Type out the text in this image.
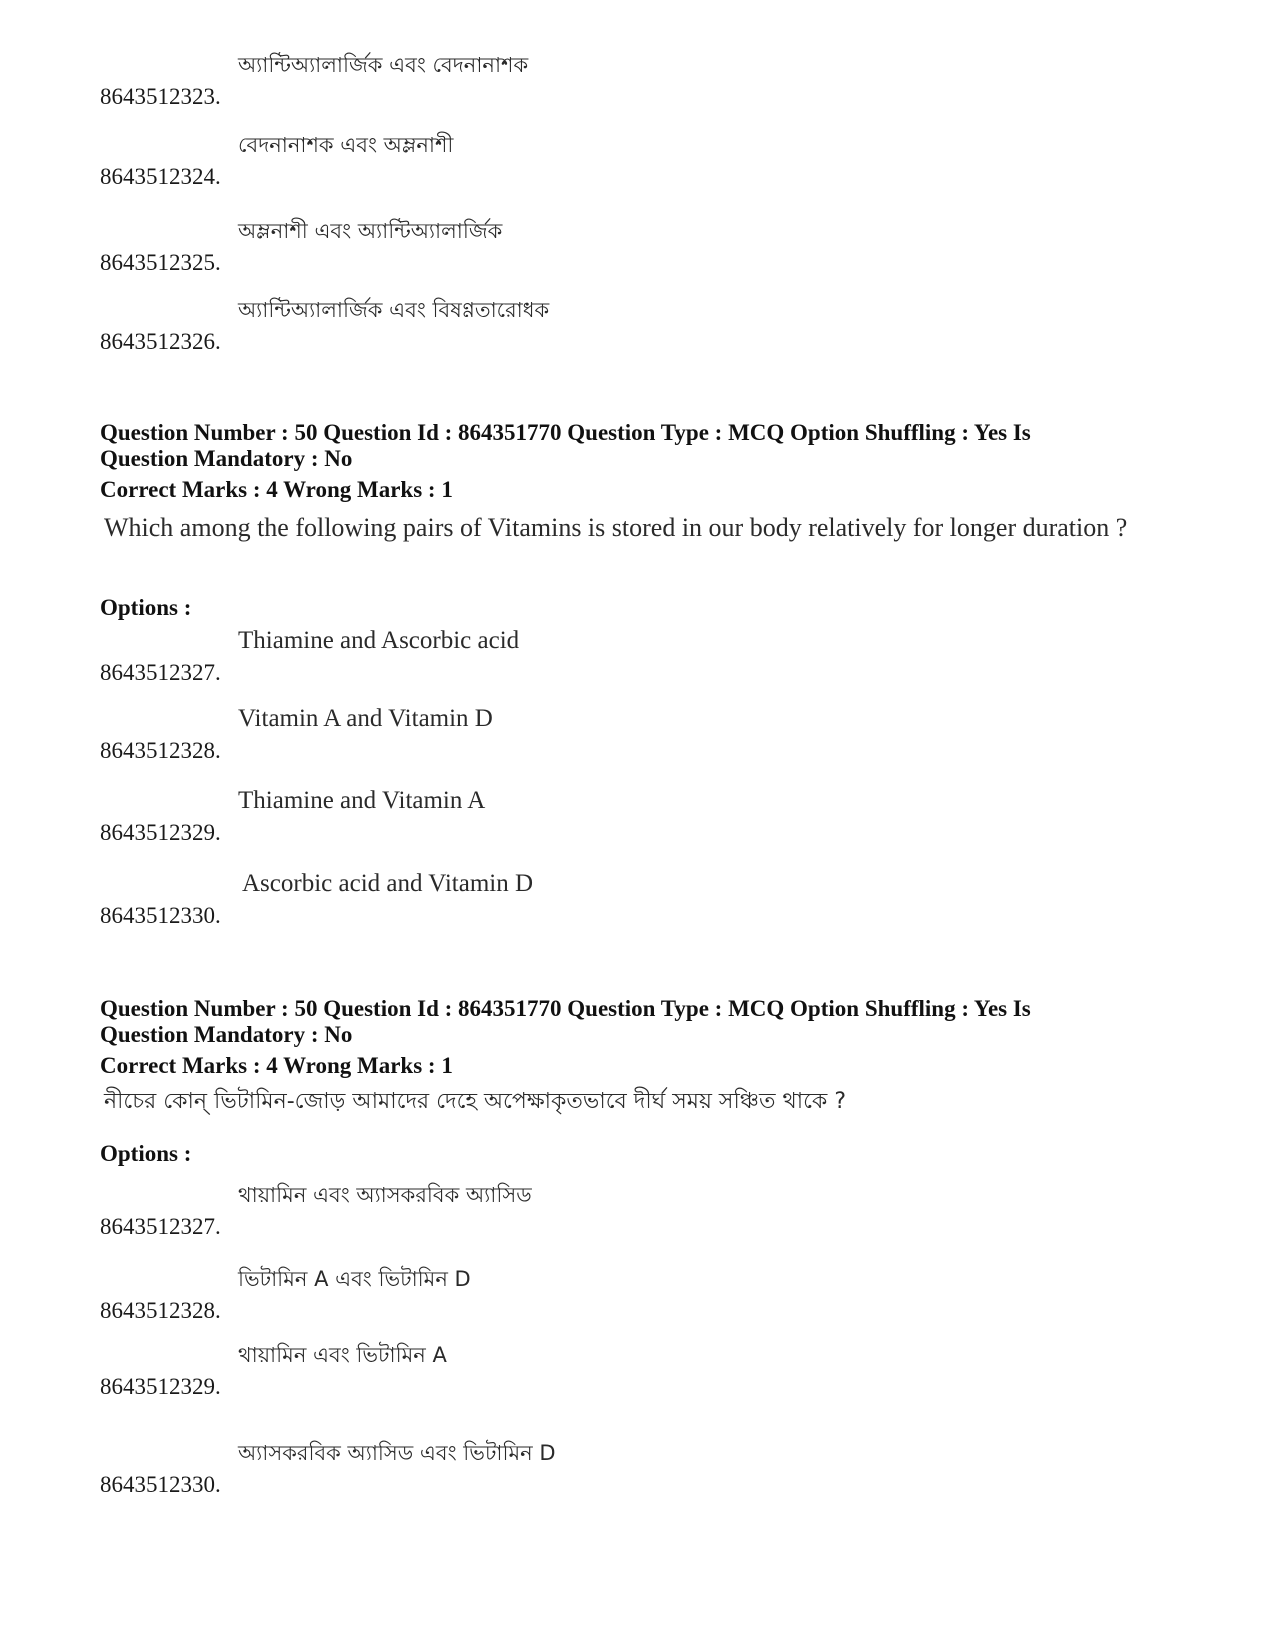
8643512323.
অ্যান্টিঅ্যালার্জিক এবং বেদনানাশক
8643512324.
বেদনানাশক এবং অম্লনাশী
8643512325.
অম্লনাশী এবং অ্যান্টিঅ্যালার্জিক
8643512326.
অ্যান্টিঅ্যালার্জিক এবং বিষণ্ণতারোধক
Question Number : 50 Question Id : 864351770 Question Type : MCQ Option Shuffling : Yes Is
Question Mandatory : No
Correct Marks : 4 Wrong Marks : 1
Which among the following pairs of Vitamins is stored in our body relatively for longer duration ?
Options :
8643512327.
Thiamine and Ascorbic acid
8643512328.
Vitamin A and Vitamin D
8643512329.
Thiamine and Vitamin A
8643512330.
Ascorbic acid and Vitamin D
Question Number : 50 Question Id : 864351770 Question Type : MCQ Option Shuffling : Yes Is
Question Mandatory : No
Correct Marks : 4 Wrong Marks : 1
নীচের কোন্ ভিটামিন-জোড় আমাদের দেহে অপেক্ষাকৃতভাবে দীর্ঘ সময় সঞ্চিত থাকে ?
Options :
8643512327.
থায়ামিন এবং অ্যাসকরবিক অ্যাসিড
8643512328.
ভিটামিন A এবং ভিটামিন D
8643512329.
থায়ামিন এবং ভিটামিন A
8643512330.
অ্যাসকরবিক অ্যাসিড এবং ভিটামিন D
